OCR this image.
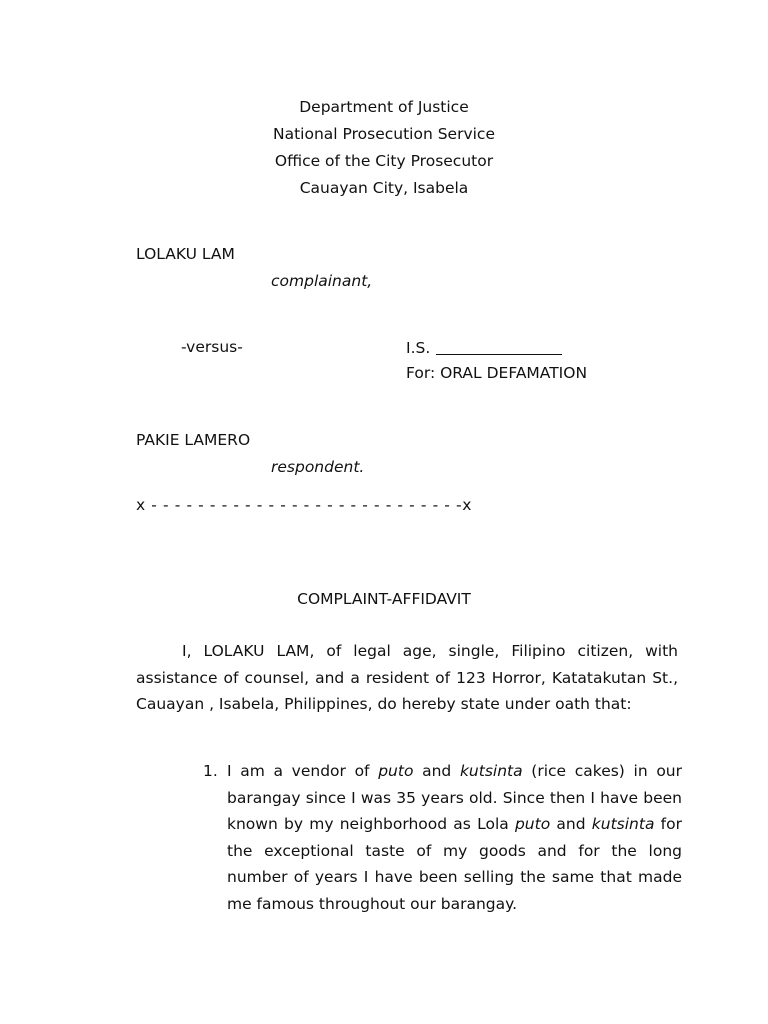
Department of Justice
National Prosecution Service
Office of the City Prosecutor
Cauayan City, Isabela
LOLAKU LAM
complainant,
-versus-	I.S.
For: ORAL DEFAMATION
PAKIE LAMERO
respondent.
x - - - - - - - - - - - - - - - - - - - - - - - - - - -x
COMPLAINT-AFFIDAVIT
I, LOLAKU LAM, of legal age, single, Filipino citizen, with assistance of counsel, and a resident of 123 Horror, Katatakutan St., Cauayan , Isabela, Philippines, do hereby state under oath that:
1. I am a vendor of puto and kutsinta (rice cakes) in our barangay since I was 35 years old. Since then I have been known by my neighborhood as Lola puto and kutsinta for the exceptional taste of my goods and for the long number of years I have been selling the same that made me famous throughout our barangay.
